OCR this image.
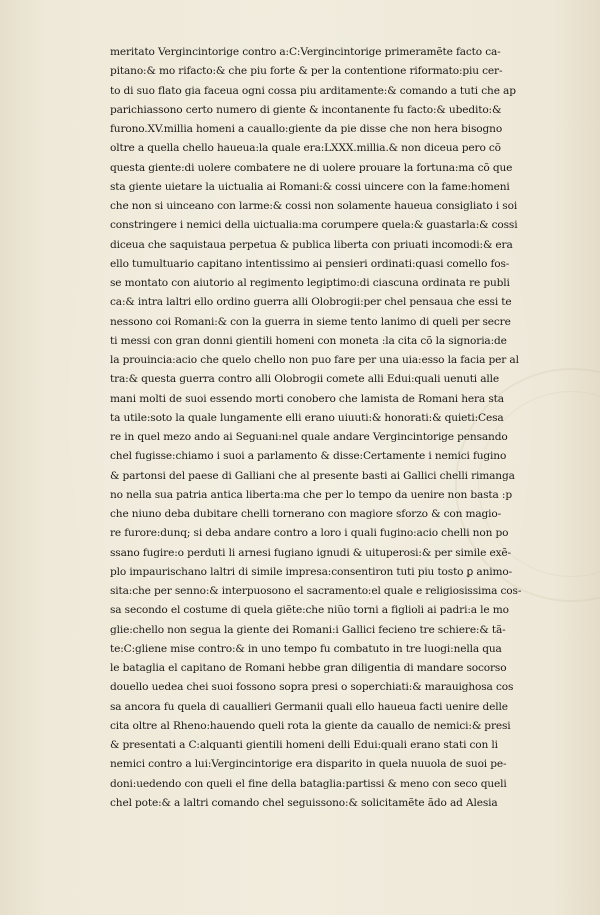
meritato Vergincintorige contro a:C:Vergincintorige primeramẽte facto ca-
pitano:& mo rifacto:& che piu forte & per la contentione riformato:piu cer-
to di suo flato gia faceua ogni cossa piu arditamente:& comando a tuti che ap
parichiassono certo numero di giente & incontanente fu facto:& ubedito:&
furono.XV.millia homeni a cauallo:giente da pie disse che non hera bisogno
oltre a quella chello haueua:la quale era:LXXX.millia.& non diceua pero cõ
questa giente:di uolere combatere ne di uolere prouare la fortuna:ma cõ que
sta giente uietare la uictualia ai Romani:& cossi uincere con la fame:homeni
che non si uinceano con larme:& cossi non solamente haueua consigliato i soi
constringere i nemici della uictualia:ma corumpere quela:& guastarla:& cossi
diceua che saquistaua perpetua & publica liberta con priuati incomodi:& era
ello tumultuario capitano intentissimo ai pensieri ordinati:quasi comello fos-
se montato con aiutorio al regimento legiptimo:di ciascuna ordinata re publi
ca:& intra laltri ello ordino guerra alli Olobrogii:per chel pensaua che essi te
nessono coi Romani:& con la guerra in sieme tento lanimo di queli per secre
ti messi con gran donni gientili homeni con moneta :la cita cõ la signoria:de
la prouincia:acio che quelo chello non puo fare per una uia:esso la facia per al
tra:& questa guerra contro alli Olobrogii comete alli Edui:quali uenuti alle
mani molti de suoi essendo morti conobero che lamista de Romani hera sta
ta utile:soto la quale lungamente elli erano uiuuti:& honorati:& quieti:Cesa
re in quel mezo ando ai Seguani:nel quale andare Vergincintorige pensando
chel fugisse:chiamo i suoi a parlamento & disse:Certamente i nemici fugino
& partonsi del paese di Galliani che al presente basti ai Gallici chelli rimanga
no nella sua patria antica liberta:ma che per lo tempo da uenire non basta :p
che niuno deba dubitare chelli tornerano con magiore sforzo & con magio-
re furore:dunq; si deba andare contro a loro i quali fugino:acio chelli non po
ssano fugire:o perduti li arnesi fugiano ignudi & uituperosi:& per simile exẽ-
plo impaurischano laltri di simile impresa:consentiron tuti piu tosto ꝑ animo-
sita:che per senno:& interpuosono el sacramento:el quale e religiosissima cos-
sa secondo el costume di quela giẽte:che niũo torni a figlioli ai padri:a le mo
glie:chello non segua la giente dei Romani:i Gallici fecieno tre schiere:& tã-
te:C:gliene mise contro:& in uno tempo fu combatuto in tre luogi:nella qua
le bataglia el capitano de Romani hebbe gran diligentia di mandare socorso
douello uedea chei suoi fossono sopra presi o soperchiati:& marauighosa cos
sa ancora fu quela di cauallieri Germanii quali ello haueua facti uenire delle
cita oltre al Rheno:hauendo queli rota la giente da cauallo de nemici:& presi
& presentati a C:alquanti gientili homeni delli Edui:quali erano stati con li
nemici contro a lui:Vergincintorige era disparito in quela nuuola de suoi pe-
doni:uedendo con queli el fine della bataglia:partissi & meno con seco queli
chel pote:& a laltri comando chel seguissono:& solicitamẽte ãdo ad Alesia
